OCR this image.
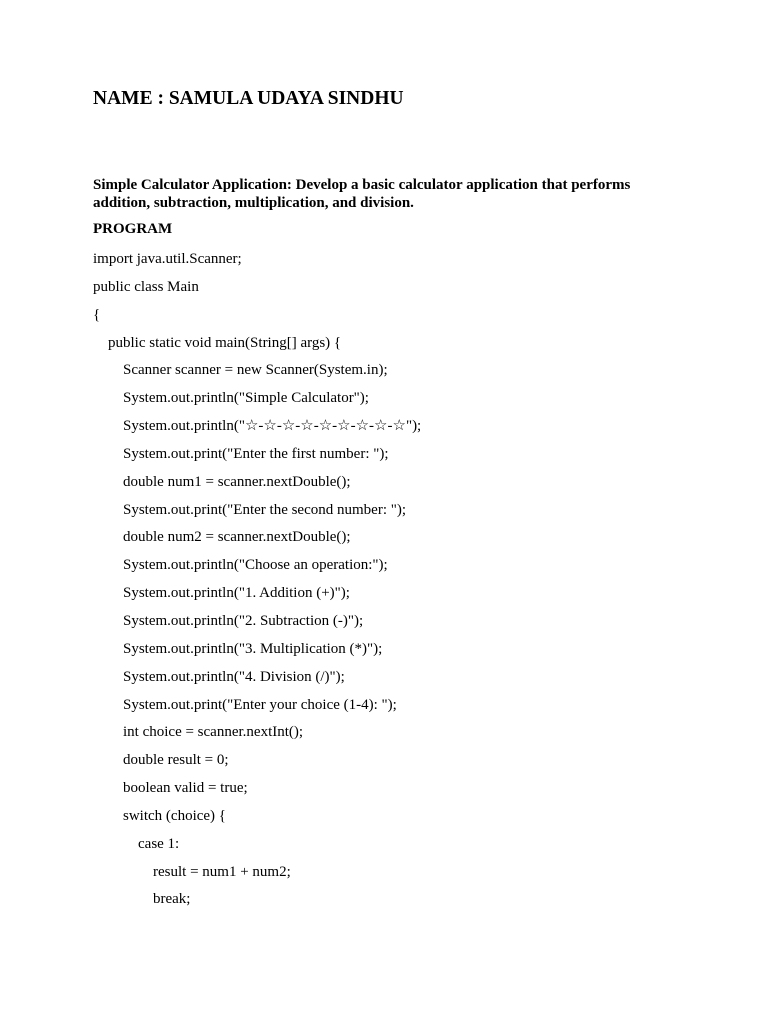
NAME : SAMULA UDAYA SINDHU

Simple Calculator Application: Develop a basic calculator application that performs addition, subtraction, multiplication, and division.

PROGRAM

import java.util.Scanner;
public class Main
{
public static void main(String[] args) {
Scanner scanner = new Scanner(System.in);
System.out.println("Simple Calculator");
System.out.println("☆-☆-☆-☆-☆-☆-☆-☆-☆");
System.out.print("Enter the first number: ");
double num1 = scanner.nextDouble();
System.out.print("Enter the second number: ");
double num2 = scanner.nextDouble();
System.out.println("Choose an operation:");
System.out.println("1. Addition (+)");
System.out.println("2. Subtraction (-)");
System.out.println("3. Multiplication (*)");
System.out.println("4. Division (/)");
System.out.print("Enter your choice (1-4): ");
int choice = scanner.nextInt();
double result = 0;
boolean valid = true;
switch (choice) {
case 1:
result = num1 + num2;
break;
